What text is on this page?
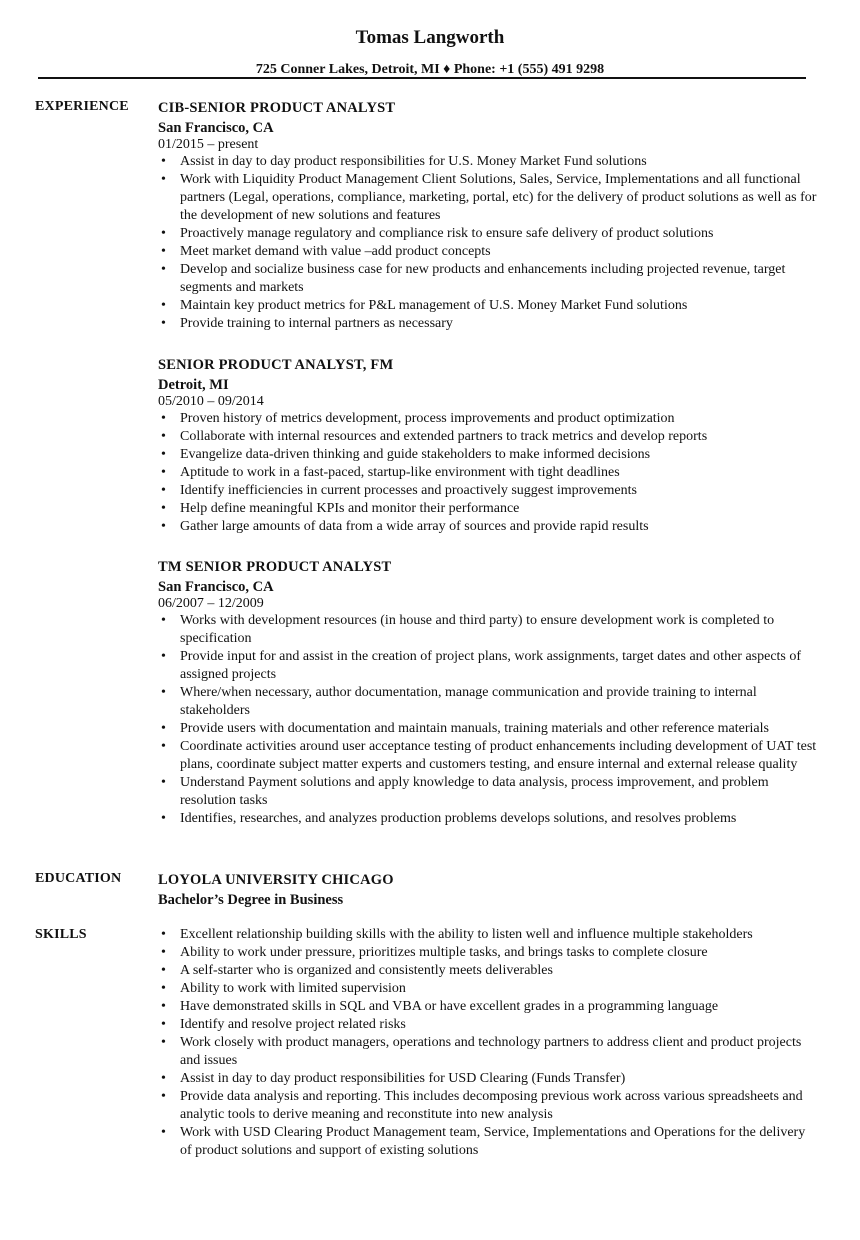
Tomas Langworth
725 Conner Lakes, Detroit, MI ♦ Phone: +1 (555) 491 9298
EXPERIENCE CIB-SENIOR PRODUCT ANALYST
San Francisco, CA
01/2015 – present
• Assist in day to day product responsibilities for U.S. Money Market Fund solutions
• Work with Liquidity Product Management Client Solutions, Sales, Service, Implementations and all functional partners (Legal, operations, compliance, marketing, portal, etc) for the delivery of product solutions as well as for the development of new solutions and features
• Proactively manage regulatory and compliance risk to ensure safe delivery of product solutions
• Meet market demand with value –add product concepts
• Develop and socialize business case for new products and enhancements including projected revenue, target segments and markets
• Maintain key product metrics for P&L management of U.S. Money Market Fund solutions
• Provide training to internal partners as necessary
SENIOR PRODUCT ANALYST, FM
Detroit, MI
05/2010 – 09/2014
• Proven history of metrics development, process improvements and product optimization
• Collaborate with internal resources and extended partners to track metrics and develop reports
• Evangelize data-driven thinking and guide stakeholders to make informed decisions
• Aptitude to work in a fast-paced, startup-like environment with tight deadlines
• Identify inefficiencies in current processes and proactively suggest improvements
• Help define meaningful KPIs and monitor their performance
• Gather large amounts of data from a wide array of sources and provide rapid results
TM SENIOR PRODUCT ANALYST
San Francisco, CA
06/2007 – 12/2009
• Works with development resources (in house and third party) to ensure development work is completed to specification
• Provide input for and assist in the creation of project plans, work assignments, target dates and other aspects of assigned projects
• Where/when necessary, author documentation, manage communication and provide training to internal stakeholders
• Provide users with documentation and maintain manuals, training materials and other reference materials
• Coordinate activities around user acceptance testing of product enhancements including development of UAT test plans, coordinate subject matter experts and customers testing, and ensure internal and external release quality
• Understand Payment solutions and apply knowledge to data analysis, process improvement, and problem resolution tasks
• Identifies, researches, and analyzes production problems develops solutions, and resolves problems
EDUCATION	LOYOLA UNIVERSITY CHICAGO
Bachelor’s Degree in Business
SKILLS	• Excellent relationship building skills with the ability to listen well and influence multiple stakeholders
• Ability to work under pressure, prioritizes multiple tasks, and brings tasks to complete closure
• A self-starter who is organized and consistently meets deliverables
• Ability to work with limited supervision
• Have demonstrated skills in SQL and VBA or have excellent grades in a programming language
• Identify and resolve project related risks
• Work closely with product managers, operations and technology partners to address client and product projects and issues
• Assist in day to day product responsibilities for USD Clearing (Funds Transfer)
• Provide data analysis and reporting. This includes decomposing previous work across various spreadsheets and analytic tools to derive meaning and reconstitute into new analysis
• Work with USD Clearing Product Management team, Service, Implementations and Operations for the delivery of product solutions and support of existing solutions
